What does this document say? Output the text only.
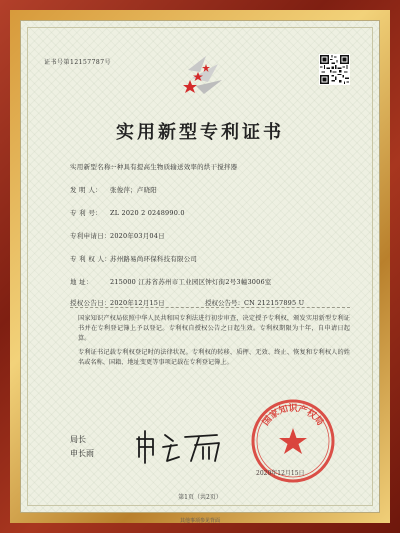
证书号第12157787号
实用新型专利证书
实用新型名称：一种具有提高生物质输送效率的烘干搅拌器
发 明 人： 张俊萍；卢晓阳
专 利 号： ZL 2020 2 0248990.0
专利申请日：2020年03月04日
专 利 权 人：苏州路易尚环保科技有限公司
地 址：	215000 江苏省苏州市工业园区钟灯街2号3幢3006室
授权公告日：2020年12月15日	授权公告号：CN 212157895 U
国家知识产权局依照中华人民共和国专利法进行初步审查，决定授予专利权，颁发实用新型专利证书并在专利登记簿上予以登记。专利权自授权公告之日起生效。专利权期限为十年，自申请日起算。
专利证书记载专利权登记时的法律状况。专利权的转移、质押、无效、终止、恢复和专利权人的姓名或名称、国籍、地址变更等事项记载在专利登记簿上。
局长
申长雨
国家知识产权局
2020年12月15日
第1页（共2页）
其他事项参见背面
